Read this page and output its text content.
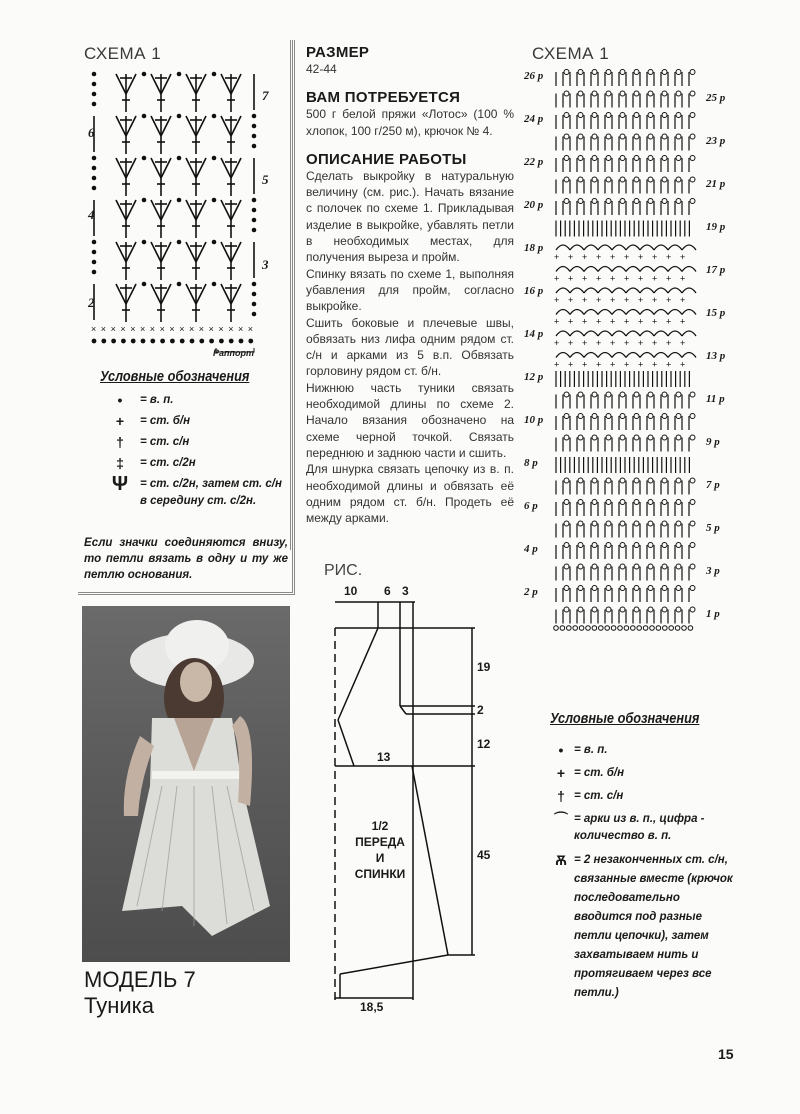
СХЕМА 1
× × × × × × × × × × × × × × × × ×
6
4
2
7
5
3
Раппорт
Условные обозначения
•	= в. п.
+	= ст. б/н
†	= ст. с/н
‡	= ст. с/2н
Ψ	= ст. с/2н, затем ст. с/н в середину ст. с/2н.
Если значки соединяются внизу, то петли вязать в одну и ту же петлю основания.
МОДЕЛЬ 7
Туника
РАЗМЕР
42-44
ВАМ ПОТРЕБУЕТСЯ
500 г белой пряжи «Лотос» (100 % хлопок, 100 г/250 м), крючок № 4.
ОПИСАНИЕ РАБОТЫ
Сделать выкройку в натуральную величину (см. рис.). Начать вязание с полочек по схеме 1. Прикладывая изделие в выкройке, убавлять петли в необходимых местах, для получения выреза и пройм.
Спинку вязать по схеме 1, выполняя убавления для пройм, согласно выкройке.
Сшить боковые и плечевые швы, обвязать низ лифа одним рядом ст. с/н и арками из 5 в.п. Обвязать горловину рядом ст. б/н.
Нижнюю часть туники связать необходимой длины по схеме 2. Начало вязания обозначено на схеме черной точкой. Связать переднюю и заднюю части и сшить.
Для шнурка связать цепочку из в. п. необходимой длины и обвязать её одним рядом ст. б/н. Продеть её между арками.
РИС.
10 6 3
19
2
12
13
45
18,5
1/2
ПЕРЕДА
И
СПИНКИ
СХЕМА 1
+ + + + + + + + + +
+ + + + + + + + + +
+ + + + + + + + + +
+ + + + + + + + + +
+ + + + + + + + + +
+ + + + + + + + + +
26 р
24 р
22 р
20 р
18 р
16 р
14 р
12 р
10 р
8 р
6 р
4 р
2 р
25 р
23 р
21 р
19 р
17 р
15 р
13 р
11 р
9 р
7 р
5 р
3 р
1 р
Условные обозначения
• = в. п.
+ = ст. б/н
† = ст. с/н
⌒ = арки из в. п., цифра - количество в. п.
Ѫ = 2 незаконченных ст. с/н, связанные вместе (крючок последовательно вводится под разные петли цепочки), затем захватываем нить и протягиваем через все петли.)
15
